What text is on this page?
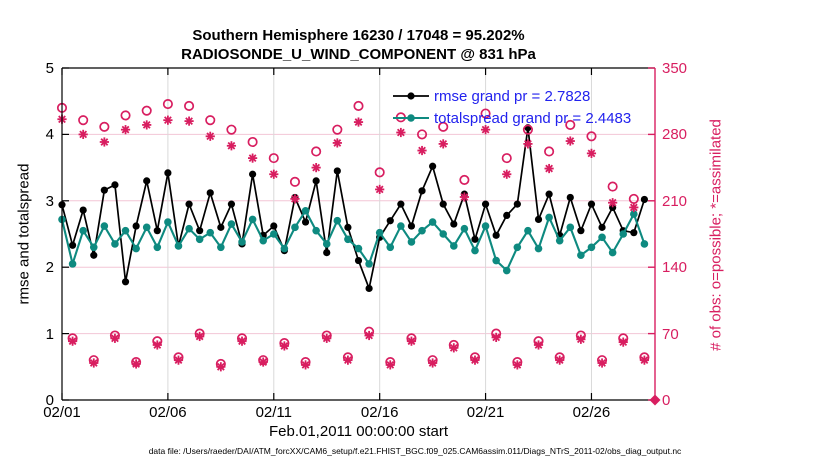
Southern Hemisphere 16230 / 17048 = 95.202%
RADIOSONDE_U_WIND_COMPONENT @ 831 hPa
rmse grand pr = 2.7828
totalspread grand pr = 2.4483
rmse and totalspread	# of obs: o=possible; *=assimilated
Feb.01,2011 00:00:00 start
data file: /Users/raeder/DAI/ATM_forcXX/CAM6_setup/f.e21.FHIST_BGC.f09_025.CAM6assim.011/Diags_NTrS_2011-02/obs_diag_output.nc
0
1
2
3
4
5
0
70
140
210
280
350
02/01	02/06	02/11	02/16	02/21	02/26
